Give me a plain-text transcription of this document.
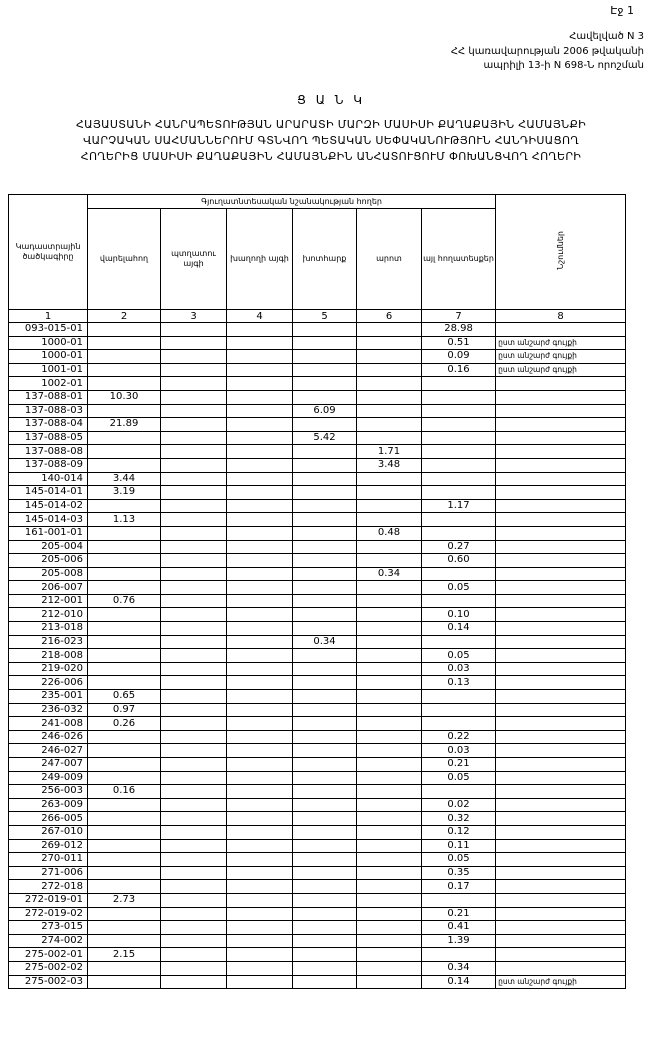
Էջ 1
Հավելված N 3
ՀՀ կառավարության 2006 թվականի
ապրիլի 13-ի N 698-Ն որոշման
Ց Ա Ն Կ
ՀԱՅԱՍՏԱՆԻ ՀԱՆՐԱՊԵՏՈՒԹՅԱՆ ԱՐԱՐԱՏԻ ՄԱՐԶԻ ՄԱՍԻՍԻ ՔԱՂԱՔԱՅԻՆ ՀԱՄԱՅՆՔԻ
ՎԱՐՉԱԿԱՆ ՍԱՀՄԱՆՆԵՐՈՒՄ ԳՏՆՎՈՂ ՊԵՏԱԿԱՆ ՍԵՓԱԿԱՆՈՒԹՅՈՒՆ ՀԱՆԴԻՍԱՑՈՂ
ՀՈՂԵՐԻՑ ՄԱՍԻՍԻ ՔԱՂԱՔԱՅԻՆ ՀԱՄԱՅՆՔԻՆ ԱՆՀԱՏՈՒՑՈՒՄ ՓՈԽԱՆՑՎՈՂ ՀՈՂԵՐԻ
Կադաստրային ծածկագիրը	Գյուղատնտեսական նշանակության հողեր						Նշումներ
	վարելահող	պտղատու այգի	խաղողի այգի	խոտհարք	արոտ	այլ հողատեսքեր	
1	2	3	4	5	6	7	8
093-015-01						28.98	
1000-01						0.51	ըստ անշարժ գույքի
1000-01						0.09	ըստ անշարժ գույքի
1001-01						0.16	ըստ անշարժ գույքի
1002-01							
137-088-01	10.30						
137-088-03				6.09			
137-088-04	21.89						
137-088-05				5.42			
137-088-08					1.71		
137-088-09					3.48		
140-014	3.44						
145-014-01	3.19						
145-014-02						1.17	
145-014-03	1.13						
161-001-01					0.48		
205-004						0.27	
205-006						0.60	
205-008					0.34		
206-007						0.05	
212-001	0.76						
212-010						0.10	
213-018						0.14	
216-023				0.34			
218-008						0.05	
219-020						0.03	
226-006						0.13	
235-001	0.65						
236-032	0.97						
241-008	0.26						
246-026						0.22	
246-027						0.03	
247-007						0.21	
249-009						0.05	
256-003	0.16						
263-009						0.02	
266-005						0.32	
267-010						0.12	
269-012						0.11	
270-011						0.05	
271-006						0.35	
272-018						0.17	
272-019-01	2.73						
272-019-02						0.21	
273-015						0.41	
274-002						1.39	
275-002-01	2.15						
275-002-02						0.34	
275-002-03						0.14	ըստ անշարժ գույքի
